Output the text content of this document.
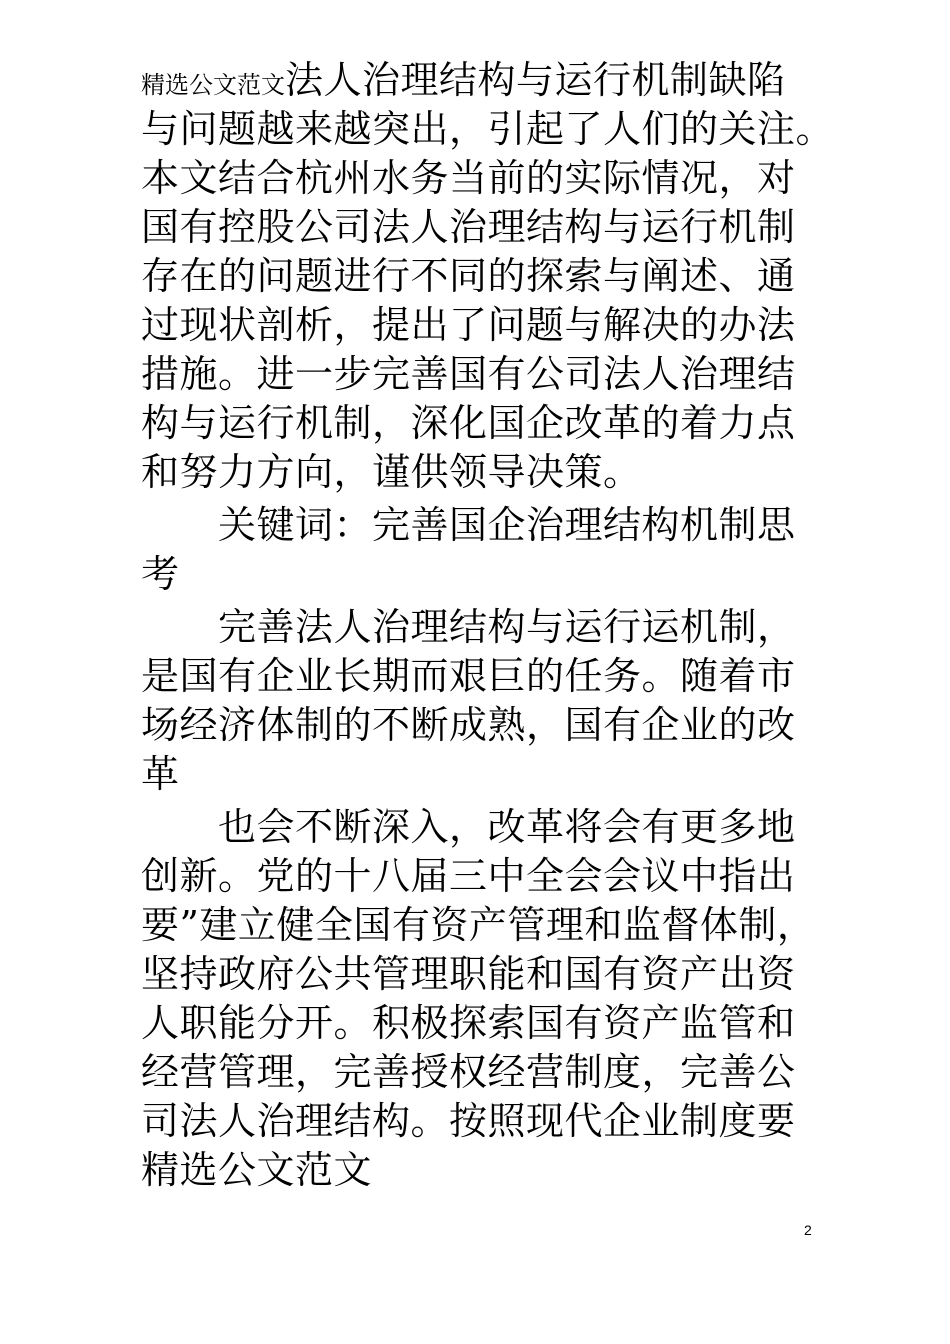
精选公文范文法人治理结构与运行机制缺陷
与问题越来越突出，引起了人们的关注。
本文结合杭州水务当前的实际情况，对
国有控股公司法人治理结构与运行机制
存在的问题进行不同的探索与阐述、通
过现状剖析，提出了问题与解决的办法
措施。进一步完善国有公司法人治理结
构与运行机制，深化国企改革的着力点
和努力方向，谨供领导决策。
关键词：完善国企治理结构机制思
考
完善法人治理结构与运行运机制，
是国有企业长期而艰巨的任务。随着市
场经济体制的不断成熟，国有企业的改
革
也会不断深入，改革将会有更多地
创新。党的十八届三中全会会议中指出
要”建立健全国有资产管理和监督体制，
坚持政府公共管理职能和国有资产出资
人职能分开。积极探索国有资产监管和
经营管理，完善授权经营制度，完善公
司法人治理结构。按照现代企业制度要
精选公文范文
2
